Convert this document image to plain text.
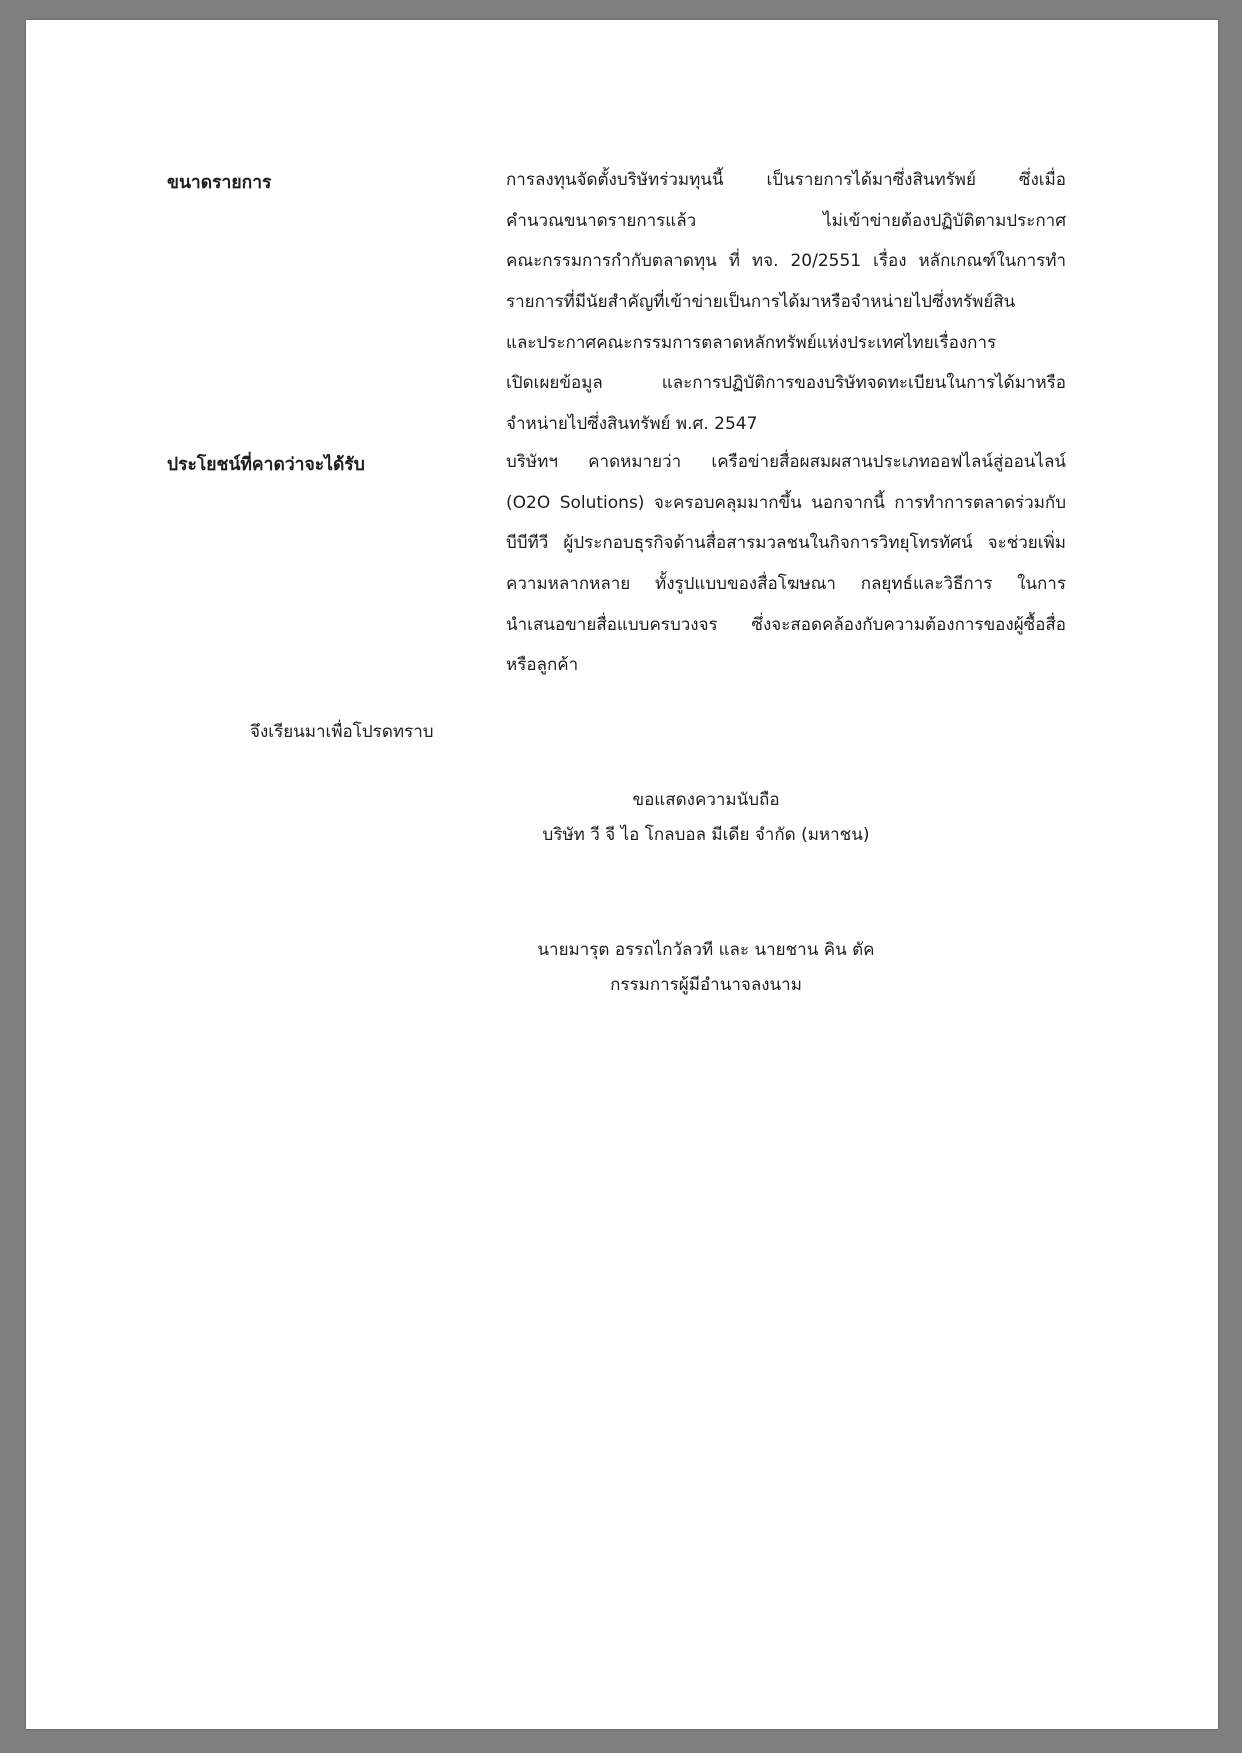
ขนาดรายการ	การลงทุนจัดตั้งบริษัทร่วมทุนนี้ เป็นรายการได้มาซึ่งสินทรัพย์ ซึ่งเมื่อ
คำนวณขนาดรายการแล้ว ไม่เข้าข่ายต้องปฏิบัติตามประกาศ
คณะกรรมการกำกับตลาดทุน ที่ ทจ. 20/2551 เรื่อง หลักเกณฑ์ในการทำ
รายการที่มีนัยสำคัญที่เข้าข่ายเป็นการได้มาหรือจำหน่ายไปซึ่งทรัพย์สิน
และประกาศคณะกรรมการตลาดหลักทรัพย์แห่งประเทศไทยเรื่องการ
เปิดเผยข้อมูล และการปฏิบัติการของบริษัทจดทะเบียนในการได้มาหรือ
จำหน่ายไปซึ่งสินทรัพย์ พ.ศ. 2547
ประโยชน์ที่คาดว่าจะได้รับ	บริษัทฯ คาดหมายว่า เครือข่ายสื่อผสมผสานประเภทออฟไลน์สู่ออนไลน์
(O2O Solutions) จะครอบคลุมมากขึ้น นอกจากนี้ การทำการตลาดร่วมกับ
บีบีทีวี ผู้ประกอบธุรกิจด้านสื่อสารมวลชนในกิจการวิทยุโทรทัศน์ จะช่วยเพิ่ม
ความหลากหลาย ทั้งรูปแบบของสื่อโฆษณา กลยุทธ์และวิธีการ ในการ
นำเสนอขายสื่อแบบครบวงจร ซึ่งจะสอดคล้องกับความต้องการของผู้ซื้อสื่อ
หรือลูกค้า
จึงเรียนมาเพื่อโปรดทราบ
ขอแสดงความนับถือ
บริษัท วี จี ไอ โกลบอล มีเดีย จำกัด (มหาชน)
นายมารุต อรรถไกวัลวที และ นายชาน คิน ตัค
กรรมการผู้มีอำนาจลงนาม
